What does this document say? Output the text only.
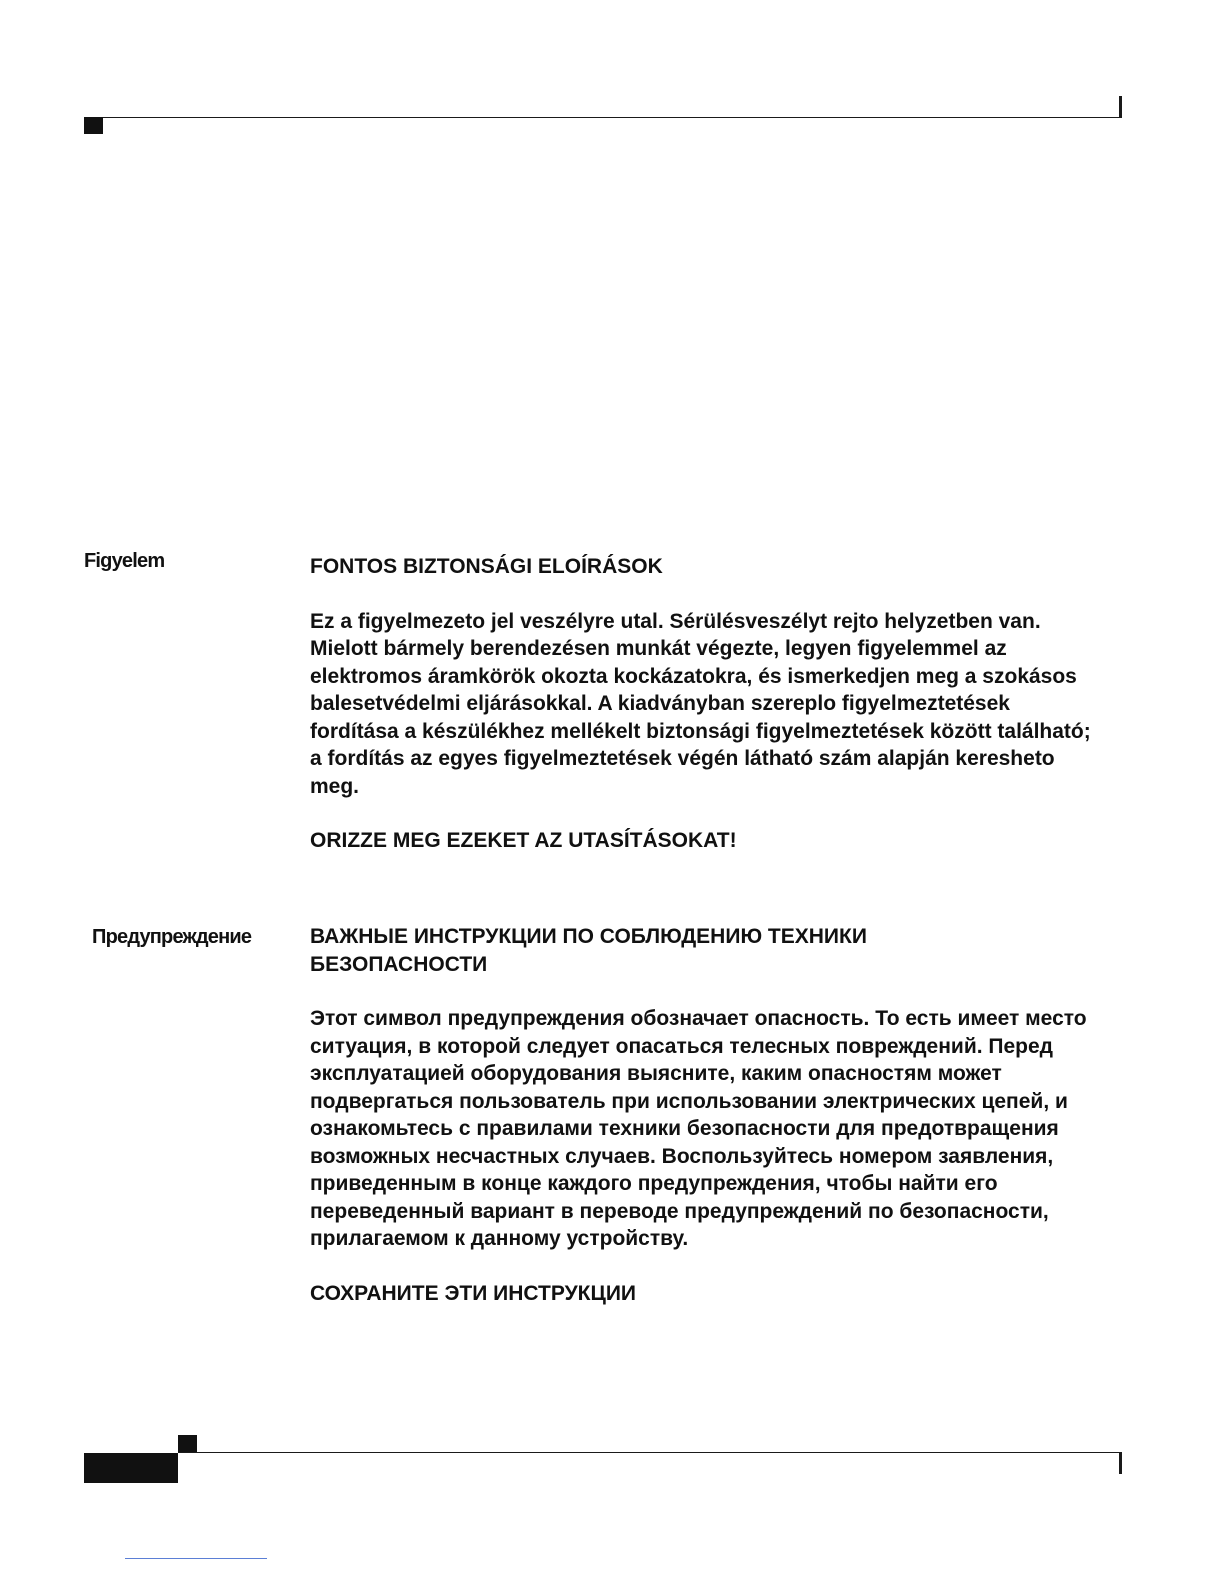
Figyelem	FONTOS BIZTONSÁGI ELOÍRÁSOK

Ez a figyelmezeto jel veszélyre utal. Sérülésveszélyt rejto helyzetben van. Mielott bármely berendezésen munkát végezte, legyen figyelemmel az elektromos áramkörök okozta kockázatokra, és ismerkedjen meg a szokásos balesetvédelmi eljárásokkal. A kiadványban szereplo figyelmeztetések fordítása a készülékhez mellékelt biztonsági figyelmeztetések között található; a fordítás az egyes figyelmeztetések végén látható szám alapján keresheto meg.

ORIZZE MEG EZEKET AZ UTASÍTÁSOKAT!

Предупреждение	ВАЖНЫЕ ИНСТРУКЦИИ ПО СОБЛЮДЕНИЮ ТЕХНИКИ БЕЗОПАСНОСТИ

Этот символ предупреждения обозначает опасность. То есть имеет место ситуация, в которой следует опасаться телесных повреждений. Перед эксплуатацией оборудования выясните, каким опасностям может подвергаться пользователь при использовании электрических цепей, и ознакомьтесь с правилами техники безопасности для предотвращения возможных несчастных случаев. Воспользуйтесь номером заявления, приведенным в конце каждого предупреждения, чтобы найти его переведенный вариант в переводе предупреждений по безопасности, прилагаемом к данному устройству.

СОХРАНИТЕ ЭТИ ИНСТРУКЦИИ
